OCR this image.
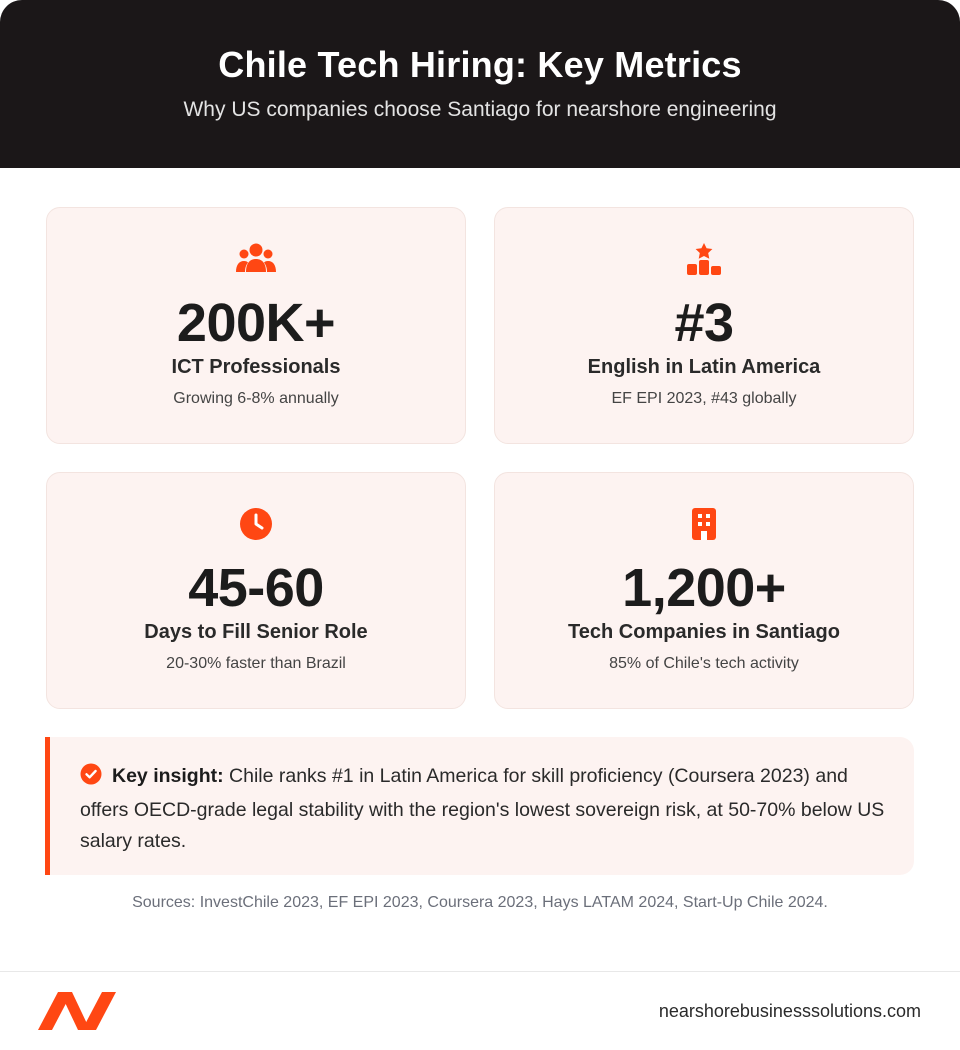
Chile Tech Hiring: Key Metrics
Why US companies choose Santiago for nearshore engineering
200K+
ICT Professionals
Growing 6-8% annually
#3
English in Latin America
EF EPI 2023, #43 globally
45-60
Days to Fill Senior Role
20-30% faster than Brazil
1,200+
Tech Companies in Santiago
85% of Chile's tech activity
Key insight: Chile ranks #1 in Latin America for skill proficiency (Coursera 2023) and offers OECD-grade legal stability with the region's lowest sovereign risk, at 50-70% below US salary rates.
Sources: InvestChile 2023, EF EPI 2023, Coursera 2023, Hays LATAM 2024, Start-Up Chile 2024.
nearshorebusinesssolutions.com
